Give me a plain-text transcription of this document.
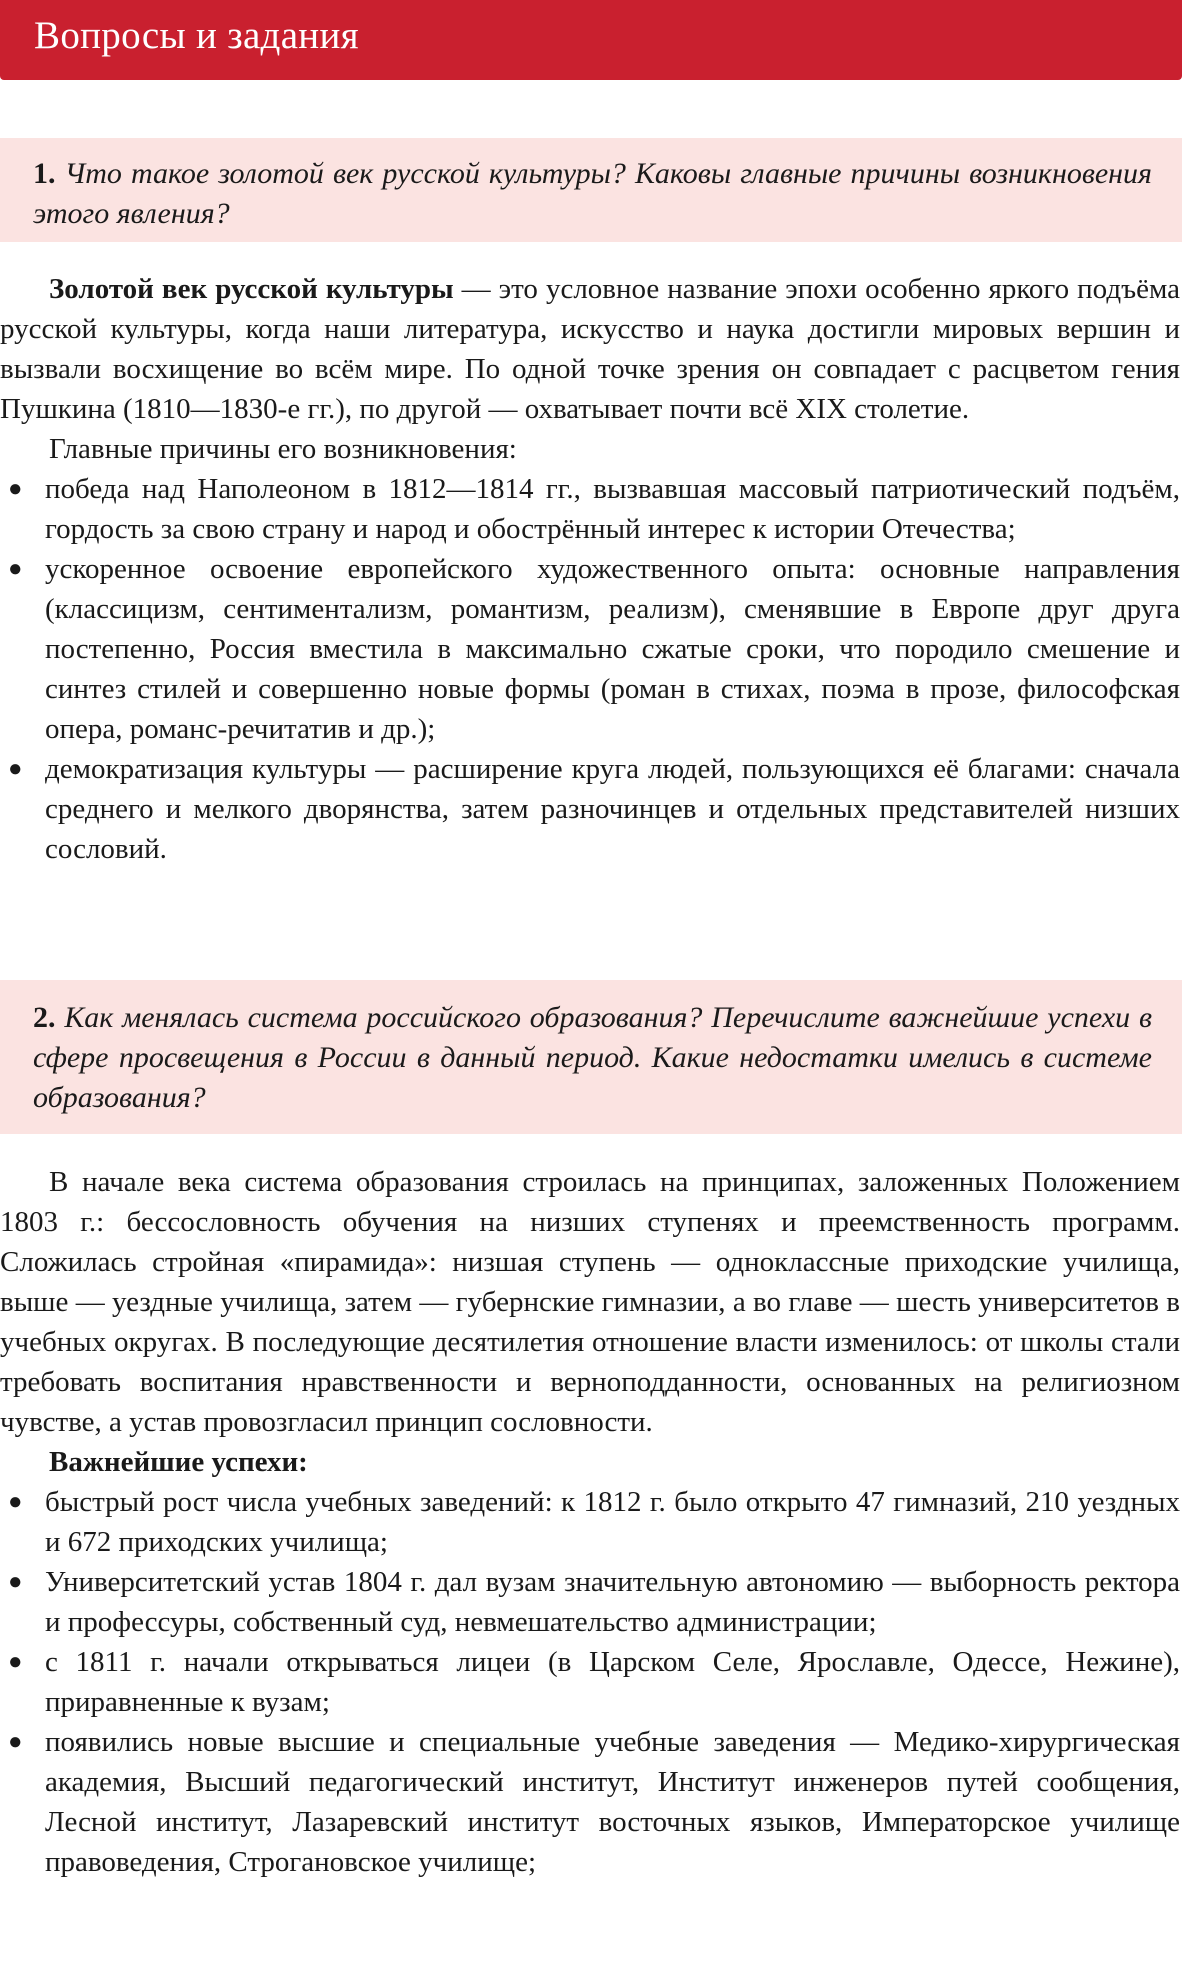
Вопросы и задания

1. Что такое золотой век русской культуры? Каковы главные причины возникновения этого явления?

Золотой век русской культуры — это условное название эпохи особенно яркого подъёма русской культуры, когда наши литература, искусство и наука достигли мировых вершин и вызвали восхищение во всём мире. По одной точке зрения он совпадает с расцветом гения Пушкина (1810—1830-е гг.), по другой — охватывает почти всё XIX столетие.

Главные причины его возникновения:

● победа над Наполеоном в 1812—1814 гг., вызвавшая массовый патриотический подъём, гордость за свою страну и народ и обострённый интерес к истории Отечества;
● ускоренное освоение европейского художественного опыта: основные направления (классицизм, сентиментализм, романтизм, реализм), сменявшие в Европе друг друга постепенно, Россия вместила в максимально сжатые сроки, что породило смешение и синтез стилей и совершенно новые формы (роман в стихах, поэма в прозе, философская опера, романс-речитатив и др.);
● демократизация культуры — расширение круга людей, пользующихся её благами: сначала среднего и мелкого дворянства, затем разночинцев и отдельных представителей низших сословий.

2. Как менялась система российского образования? Перечислите важнейшие успехи в сфере просвещения в России в данный период. Какие недостатки имелись в системе образования?

В начале века система образования строилась на принципах, заложенных Положением 1803 г.: бессословность обучения на низших ступенях и преемственность программ. Сложилась стройная «пирамида»: низшая ступень — одноклассные приходские училища, выше — уездные училища, затем — губернские гимназии, а во главе — шесть университетов в учебных округах. В последующие десятилетия отношение власти изменилось: от школы стали требовать воспитания нравственности и верноподданности, основанных на религиозном чувстве, а устав провозгласил принцип сословности.

Важнейшие успехи:

● быстрый рост числа учебных заведений: к 1812 г. было открыто 47 гимназий, 210 уездных и 672 приходских училища;
● Университетский устав 1804 г. дал вузам значительную автономию — выборность ректора и профессуры, собственный суд, невмешательство администрации;
● с 1811 г. начали открываться лицеи (в Царском Селе, Ярославле, Одессе, Нежине), приравненные к вузам;
● появились новые высшие и специальные учебные заведения — Медико-хирургическая академия, Высший педагогический институт, Институт инженеров путей сообщения, Лесной институт, Лазаревский институт восточных языков, Императорское училище правоведения, Строгановское училище;
